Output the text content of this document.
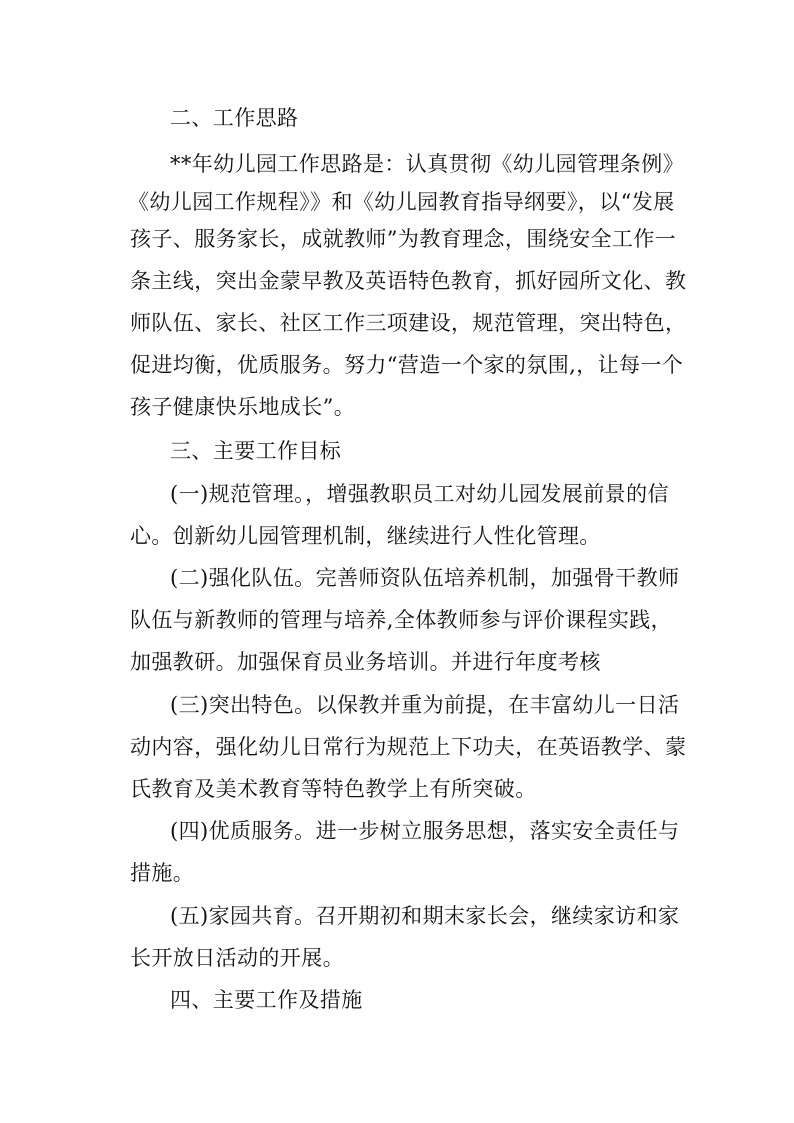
二、工作思路
**年幼儿园工作思路是：认真贯彻《幼儿园管理条例》
《幼儿园工作规程》》和《幼儿园教育指导纲要》，以“发展
孩子、服务家长，成就教师”为教育理念，围绕安全工作一
条主线，突出金蒙早教及英语特色教育，抓好园所文化、教
师队伍、家长、社区工作三项建设，规范管理，突出特色，
促进均衡，优质服务。努力“营造一个家的氛围,，让每一个
孩子健康快乐地成长”。
三、主要工作目标
(一)规范管理。，增强教职员工对幼儿园发展前景的信
心。创新幼儿园管理机制，继续进行人性化管理。
(二)强化队伍。完善师资队伍培养机制，加强骨干教师
队伍与新教师的管理与培养,全体教师参与评价课程实践，
加强教研。加强保育员业务培训。并进行年度考核
(三)突出特色。以保教并重为前提，在丰富幼儿一日活
动内容，强化幼儿日常行为规范上下功夫，在英语教学、蒙
氏教育及美术教育等特色教学上有所突破。
(四)优质服务。进一步树立服务思想，落实安全责任与
措施。
(五)家园共育。召开期初和期末家长会，继续家访和家
长开放日活动的开展。
四、主要工作及措施
